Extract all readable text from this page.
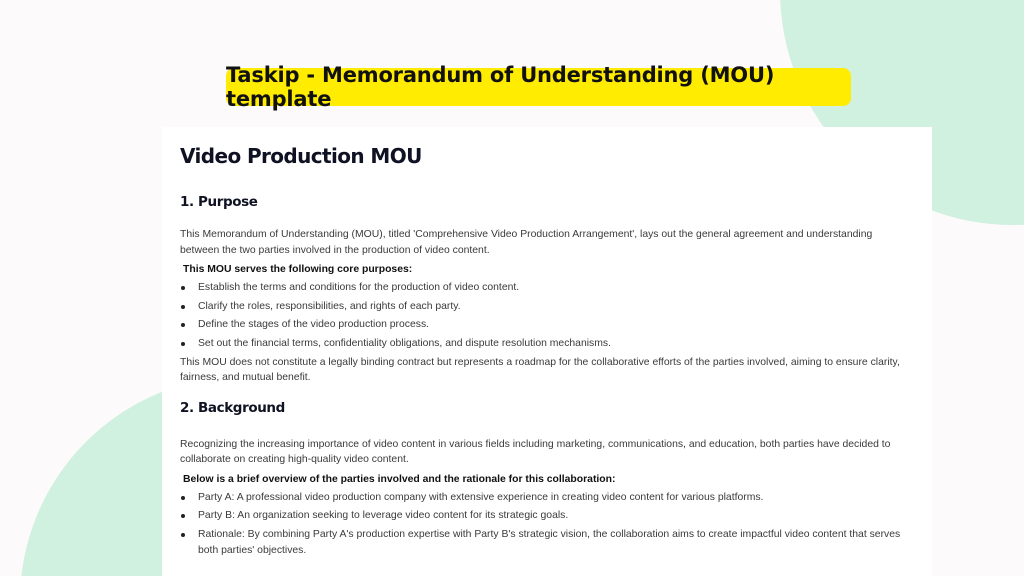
Taskip - Memorandum of Understanding (MOU) template
Video Production MOU
1. Purpose

This Memorandum of Understanding (MOU), titled 'Comprehensive Video Production Arrangement', lays out the general agreement and understanding between the two parties involved in the production of video content.

This MOU serves the following core purposes:
Establish the terms and conditions for the production of video content.
Clarify the roles, responsibilities, and rights of each party.
Define the stages of the video production process.
Set out the financial terms, confidentiality obligations, and dispute resolution mechanisms.

This MOU does not constitute a legally binding contract but represents a roadmap for the collaborative efforts of the parties involved, aiming to ensure clarity, fairness, and mutual benefit.

2. Background

Recognizing the increasing importance of video content in various fields including marketing, communications, and education, both parties have decided to collaborate on creating high-quality video content.

Below is a brief overview of the parties involved and the rationale for this collaboration:
Party A: A professional video production company with extensive experience in creating video content for various platforms.
Party B: An organization seeking to leverage video content for its strategic goals.
Rationale: By combining Party A's production expertise with Party B's strategic vision, the collaboration aims to create impactful video content that serves both parties' objectives.
